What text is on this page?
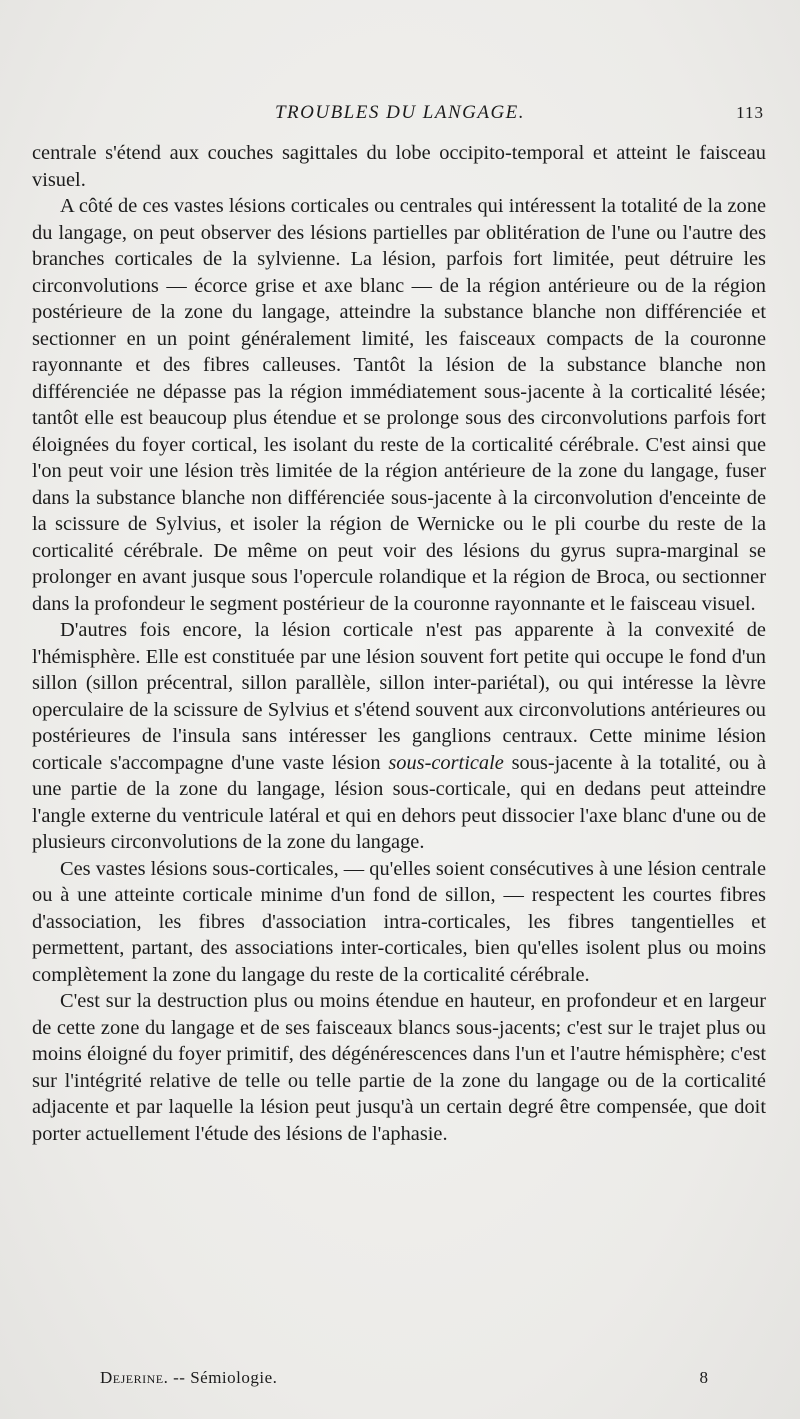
TROUBLES DU LANGAGE.	113

centrale s'étend aux couches sagittales du lobe occipito-temporal et atteint le faisceau visuel.

A côté de ces vastes lésions corticales ou centrales qui intéressent la totalité de la zone du langage, on peut observer des lésions partielles par oblitération de l'une ou l'autre des branches corticales de la sylvienne. La lésion, parfois fort limitée, peut détruire les circonvolutions — écorce grise et axe blanc — de la région antérieure ou de la région postérieure de la zone du langage, atteindre la substance blanche non différenciée et sectionner en un point généralement limité, les faisceaux compacts de la couronne rayonnante et des fibres calleuses. Tantôt la lésion de la substance blanche non différenciée ne dépasse pas la région immédiatement sous-jacente à la corticalité lésée; tantôt elle est beaucoup plus étendue et se prolonge sous des circonvolutions parfois fort éloignées du foyer cortical, les isolant du reste de la corticalité cérébrale. C'est ainsi que l'on peut voir une lésion très limitée de la région antérieure de la zone du langage, fuser dans la substance blanche non différenciée sous-jacente à la circonvolution d'enceinte de la scissure de Sylvius, et isoler la région de Wernicke ou le pli courbe du reste de la corticalité cérébrale. De même on peut voir des lésions du gyrus supra-marginal se prolonger en avant jusque sous l'opercule rolandique et la région de Broca, ou sectionner dans la profondeur le segment postérieur de la couronne rayonnante et le faisceau visuel.

D'autres fois encore, la lésion corticale n'est pas apparente à la convexité de l'hémisphère. Elle est constituée par une lésion souvent fort petite qui occupe le fond d'un sillon (sillon précentral, sillon parallèle, sillon inter-pariétal), ou qui intéresse la lèvre operculaire de la scissure de Sylvius et s'étend souvent aux circonvolutions antérieures ou postérieures de l'insula sans intéresser les ganglions centraux. Cette minime lésion corticale s'accompagne d'une vaste lésion sous-corticale sous-jacente à la totalité, ou à une partie de la zone du langage, lésion sous-corticale, qui en dedans peut atteindre l'angle externe du ventricule latéral et qui en dehors peut dissocier l'axe blanc d'une ou de plusieurs circonvolutions de la zone du langage.

Ces vastes lésions sous-corticales, — qu'elles soient consécutives à une lésion centrale ou à une atteinte corticale minime d'un fond de sillon, — respectent les courtes fibres d'association, les fibres d'association intra-corticales, les fibres tangentielles et permettent, partant, des associations inter-corticales, bien qu'elles isolent plus ou moins complètement la zone du langage du reste de la corticalité cérébrale.

C'est sur la destruction plus ou moins étendue en hauteur, en profondeur et en largeur de cette zone du langage et de ses faisceaux blancs sous-jacents; c'est sur le trajet plus ou moins éloigné du foyer primitif, des dégénérescences dans l'un et l'autre hémisphère; c'est sur l'intégrité relative de telle ou telle partie de la zone du langage ou de la corticalité adjacente et par laquelle la lésion peut jusqu'à un certain degré être compensée, que doit porter actuellement l'étude des lésions de l'aphasie.

Dejerine. -- Sémiologie.	8
